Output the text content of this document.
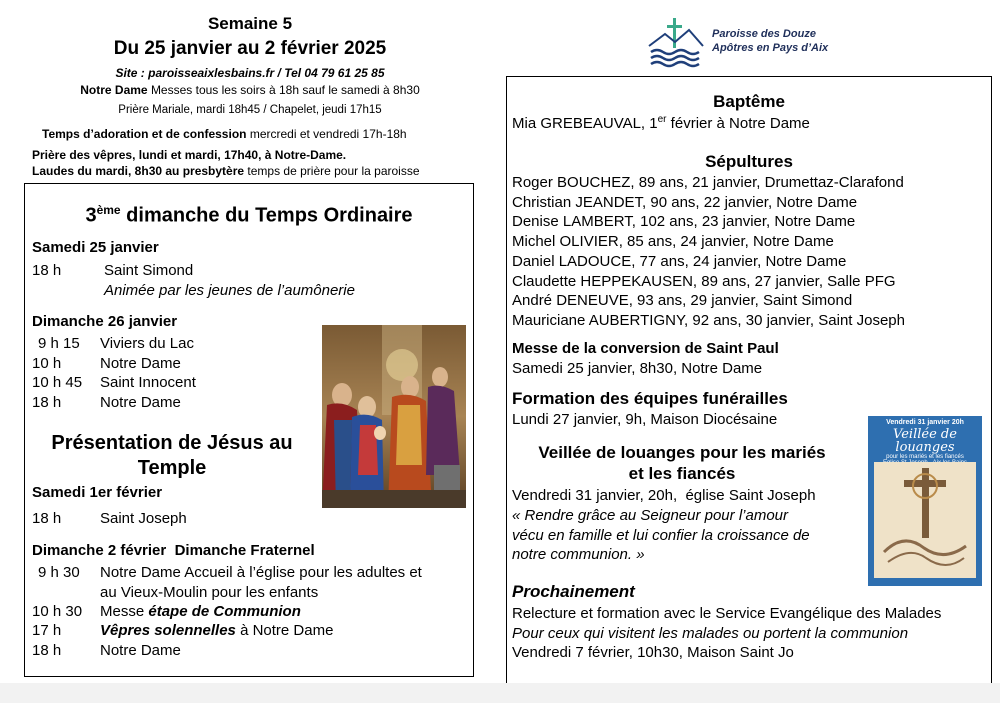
Semaine 5
Du 25 janvier au 2 février 2025
Site : paroisseaixlesbains.fr / Tel 04 79 61 25 85
Notre Dame Messes tous les soirs à 18h sauf le samedi à 8h30
Prière Mariale, mardi 18h45 / Chapelet, jeudi 17h15
Temps d’adoration et de confession mercredi et vendredi 17h-18h
Prière des vêpres, lundi et mardi, 17h40, à Notre-Dame.
Laudes du mardi, 8h30 au presbytère temps de prière pour la paroisse
Paroisse des Douze
Apôtres en Pays d’Aix
3ème dimanche du Temps Ordinaire
Samedi 25 janvier
18 h	Saint Simond
Animée par les jeunes de l’aumônerie
Dimanche 26 janvier
9 h 15 Viviers du Lac
10 h	Notre Dame
10 h 45 Saint Innocent
18 h	Notre Dame
Présentation de Jésus au
Temple
Samedi 1er février
18 h	Saint Joseph
Dimanche 2 février  Dimanche Fraternel
9 h 30 Notre Dame Accueil à l’église pour les adultes et
au Vieux-Moulin pour les enfants
10 h 30 Messe étape de Communion
17 h	Vêpres solennelles à Notre Dame
18 h	Notre Dame
Baptême
Mia GREBEAUVAL, 1er février à Notre Dame
Sépultures
Roger BOUCHEZ, 89 ans, 21 janvier, Drumettaz-Clarafond
Christian JEANDET, 90 ans, 22 janvier, Notre Dame
Denise LAMBERT, 102 ans, 23 janvier, Notre Dame
Michel OLIVIER, 85 ans, 24 janvier, Notre Dame
Daniel LADOUCE, 77 ans, 24 janvier, Notre Dame
Claudette HEPPEKAUSEN, 89 ans, 27 janvier, Salle PFG
André DENEUVE, 93 ans, 29 janvier, Saint Simond
Mauriciane AUBERTIGNY, 92 ans, 30 janvier, Saint Joseph
Messe de la conversion de Saint Paul
Samedi 25 janvier, 8h30, Notre Dame
Formation des équipes funérailles
Lundi 27 janvier, 9h, Maison Diocésaine
Veillée de louanges pour les mariés
et les fiancés
Vendredi 31 janvier, 20h,  église Saint Joseph
« Rendre grâce au Seigneur pour l’amour
vécu en famille et lui confier la croissance de
notre communion. »
Vendredi 31 janvier 20h
Veillée de louanges
pour les mariés et les fiancés
Prochainement
Relecture et formation avec le Service Evangélique des Malades
Pour ceux qui visitent les malades ou portent la communion
Vendredi 7 février, 10h30, Maison Saint Jo
